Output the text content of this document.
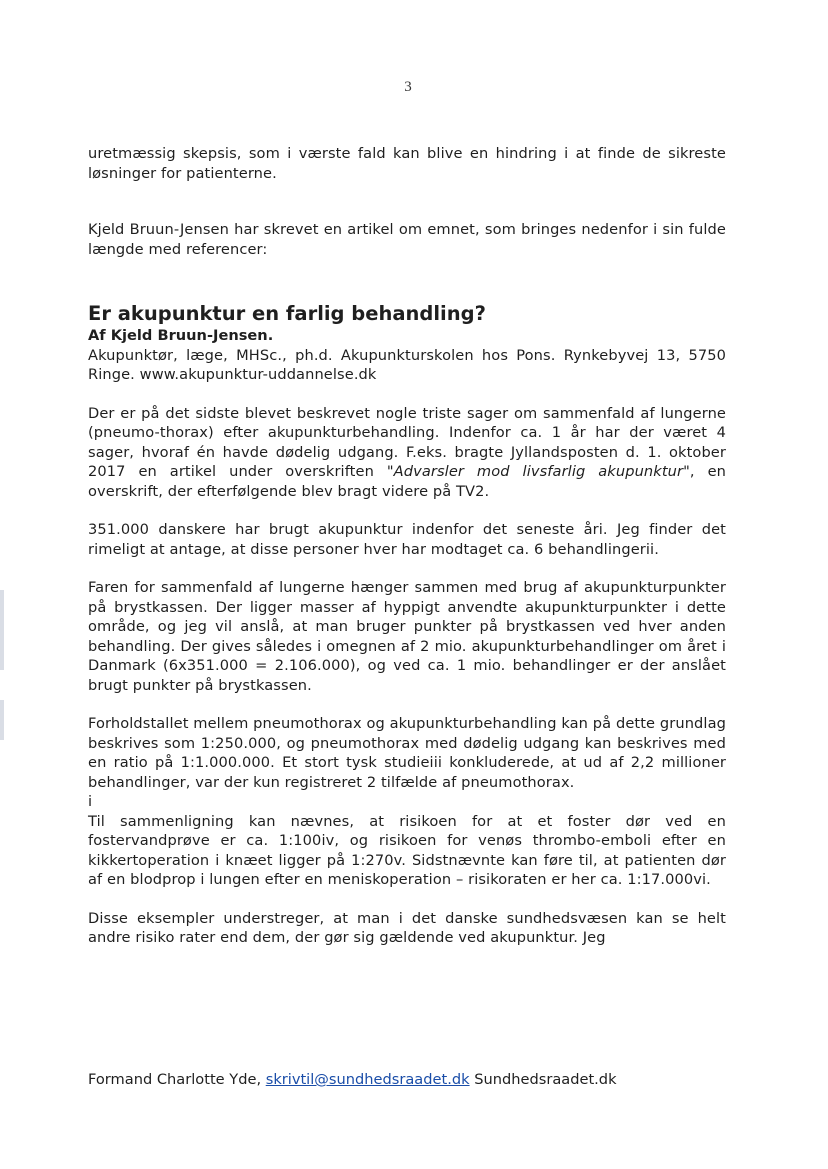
3

uretmæssig skepsis, som i værste fald kan blive en hindring i at finde de sikreste løsninger for patienterne.

Kjeld Bruun-Jensen har skrevet en artikel om emnet, som bringes nedenfor i sin fulde længde med referencer:

Er akupunktur en farlig behandling?
Af Kjeld Bruun-Jensen.

Akupunktør, læge, MHSc., ph.d. Akupunkturskolen hos Pons. Rynkebyvej 13, 5750 Ringe. www.akupunktur-uddannelse.dk

Der er på det sidste blevet beskrevet nogle triste sager om sammenfald af lungerne (pneumo-thorax) efter akupunkturbehandling. Indenfor ca. 1 år har der været 4 sager, hvoraf én havde dødelig udgang. F.eks. bragte Jyllandsposten d. 1. oktober 2017 en artikel under overskriften "Advarsler mod livsfarlig akupunktur", en overskrift, der efterfølgende blev bragt videre på TV2.

351.000 danskere har brugt akupunktur indenfor det seneste åri. Jeg finder det rimeligt at antage, at disse personer hver har modtaget ca. 6 behandlingerii.

Faren for sammenfald af lungerne hænger sammen med brug af akupunkturpunkter på brystkassen. Der ligger masser af hyppigt anvendte akupunkturpunkter i dette område, og jeg vil anslå, at man bruger punkter på brystkassen ved hver anden behandling. Der gives således i omegnen af 2 mio. akupunkturbehandlinger om året i Danmark (6x351.000 = 2.106.000), og ved ca. 1 mio. behandlinger er der anslået brugt punkter på brystkassen.

Forholdstallet mellem pneumothorax og akupunkturbehandling kan på dette grundlag beskrives som 1:250.000, og pneumothorax med dødelig udgang kan beskrives med en ratio på 1:1.000.000. Et stort tysk studieiii konkluderede, at ud af 2,2 millioner behandlinger, var der kun registreret 2 tilfælde af pneumothorax.

i

Til sammenligning kan nævnes, at risikoen for at et foster dør ved en fostervandprøve er ca. 1:100iv, og risikoen for venøs thrombo-emboli efter en kikkertoperation i knæet ligger på 1:270v. Sidstnævnte kan føre til, at patienten dør af en blodprop i lungen efter en meniskoperation – risikoraten er her ca. 1:17.000vi.

Disse eksempler understreger, at man i det danske sundhedsvæsen kan se helt andre risiko rater end dem, der gør sig gældende ved akupunktur. Jeg

Formand Charlotte Yde, skrivtil@sundhedsraadet.dk Sundhedsraadet.dk
